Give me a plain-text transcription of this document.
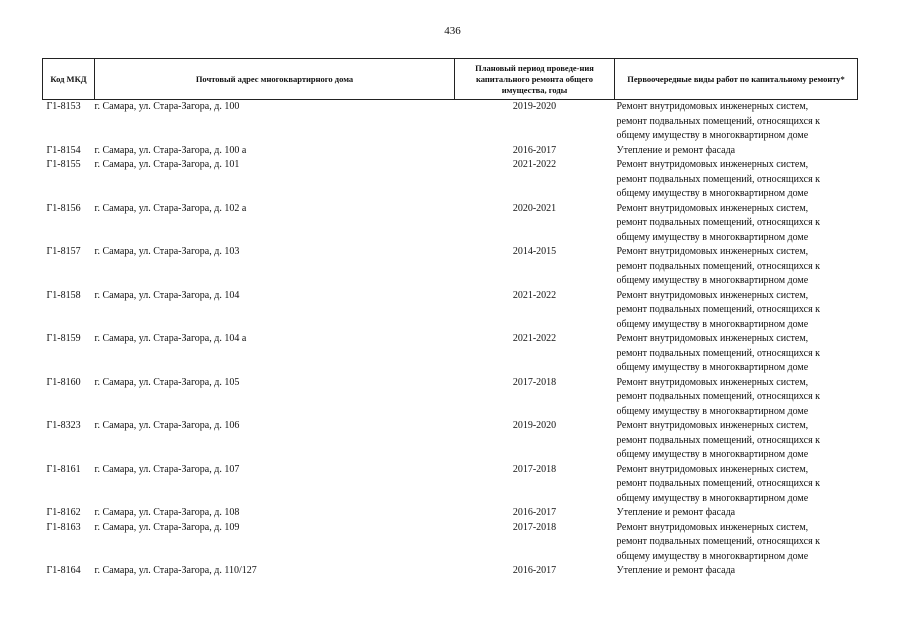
436
Код МКД	Почтовый адрес многоквартирного дома	Плановый период проведе-ния капитального ремонта общего имущества, годы	Первоочередные виды работ по капитальному ремонту*
Г1-8153	г. Самара, ул. Стара-Загора, д. 100	2019-2020	Ремонт внутридомовых инженерных систем,
ремонт подвальных помещений, относящихся к
общему имуществу в многоквартирном доме

Г1-8154	г. Самара, ул. Стара-Загора, д. 100 а	2016-2017	Утепление и ремонт фасада

Г1-8155	г. Самара, ул. Стара-Загора, д. 101	2021-2022	Ремонт внутридомовых инженерных систем,
ремонт подвальных помещений, относящихся к
общему имуществу в многоквартирном доме

Г1-8156	г. Самара, ул. Стара-Загора, д. 102 а	2020-2021	Ремонт внутридомовых инженерных систем,
ремонт подвальных помещений, относящихся к
общему имуществу в многоквартирном доме

Г1-8157	г. Самара, ул. Стара-Загора, д. 103	2014-2015	Ремонт внутридомовых инженерных систем,
ремонт подвальных помещений, относящихся к
общему имуществу в многоквартирном доме

Г1-8158	г. Самара, ул. Стара-Загора, д. 104	2021-2022	Ремонт внутридомовых инженерных систем,
ремонт подвальных помещений, относящихся к
общему имуществу в многоквартирном доме

Г1-8159	г. Самара, ул. Стара-Загора, д. 104 а	2021-2022	Ремонт внутридомовых инженерных систем,
ремонт подвальных помещений, относящихся к
общему имуществу в многоквартирном доме

Г1-8160	г. Самара, ул. Стара-Загора, д. 105	2017-2018	Ремонт внутридомовых инженерных систем,
ремонт подвальных помещений, относящихся к
общему имуществу в многоквартирном доме

Г1-8323	г. Самара, ул. Стара-Загора, д. 106	2019-2020	Ремонт внутридомовых инженерных систем,
ремонт подвальных помещений, относящихся к
общему имуществу в многоквартирном доме

Г1-8161	г. Самара, ул. Стара-Загора, д. 107	2017-2018	Ремонт внутридомовых инженерных систем,
ремонт подвальных помещений, относящихся к
общему имуществу в многоквартирном доме

Г1-8162	г. Самара, ул. Стара-Загора, д. 108	2016-2017	Утепление и ремонт фасада

Г1-8163	г. Самара, ул. Стара-Загора, д. 109	2017-2018	Ремонт внутридомовых инженерных систем,
ремонт подвальных помещений, относящихся к
общему имуществу в многоквартирном доме

Г1-8164	г. Самара, ул. Стара-Загора, д. 110/127	2016-2017	Утепление и ремонт фасада
